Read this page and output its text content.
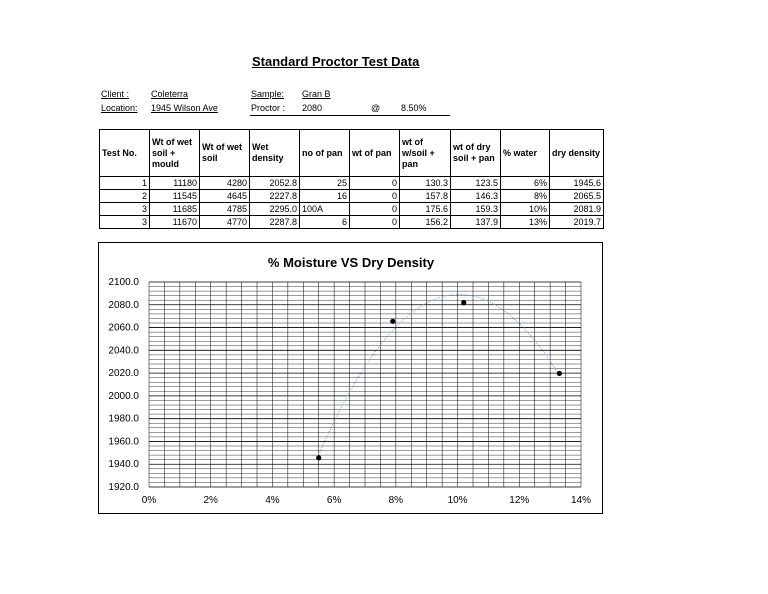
Standard Proctor Test Data
Client : Coleterra
Location: 1945 Wilson Ave
Sample: Gran B
Proctor : 2080	@ 8.50%
Test No.	Wt of wet soil + mould	Wt of wet soil	Wet density	no of pan	wt of pan	wt of w/soil + pan	wt of dry soil + pan	% water	dry density
1	11180	4280	2052.8	25	0	130.3	123.5	6%	1945.6
2	11545	4645	2227.8	16	0	157.8	146.3	8%	2065.5
3	11685	4785	2295.0	100A	0	175.6	159.3	10%	2081.9
3	11670	4770	2287.8	6	0	156.2	137.9	13%	2019.7
% Moisture VS Dry Density
1920.0
1940.0
1960.0
1980.0
2000.0
2020.0
2040.0
2060.0
2080.0
2100.0
0%	2%	4%	6%	8%	10%	12%	14%
